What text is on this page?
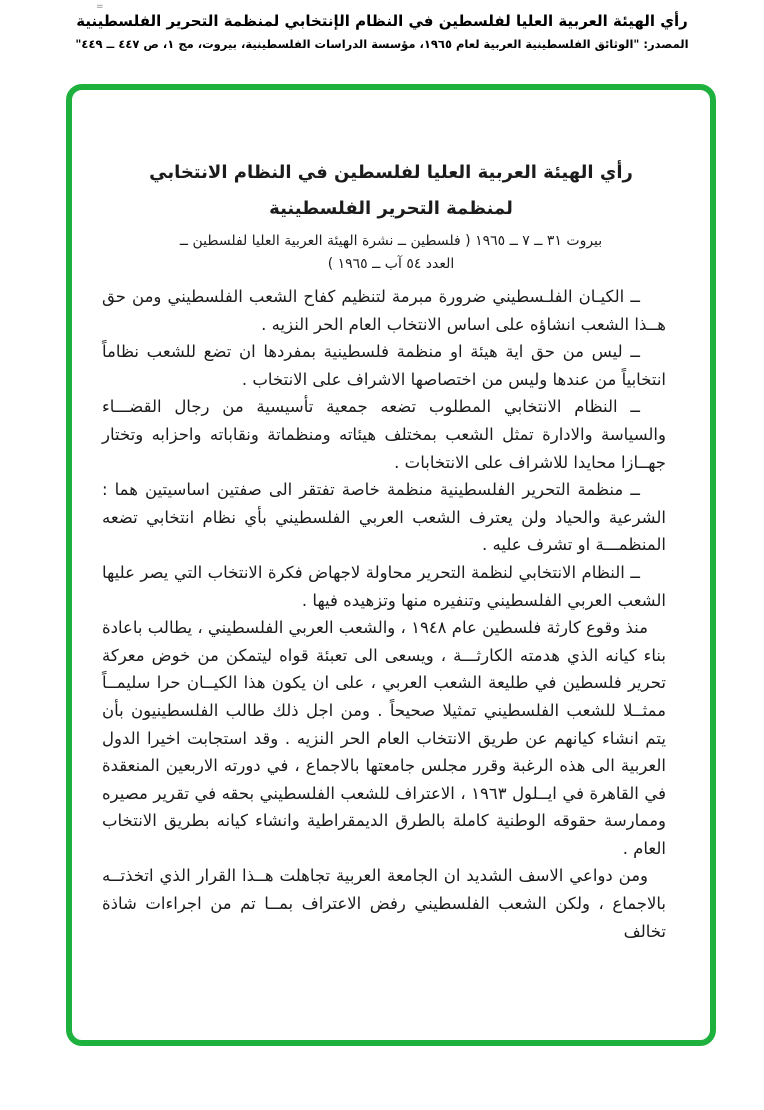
رأي الهيئة العربية العليا لفلسطين في النظام الإنتخابي لمنظمة التحرير الفلسطينية
المصدر: "الوثائق الفلسطينية العربية لعام ١٩٦٥، مؤسسة الدراسات الفلسطينية، بيروت، مج ١، ص ٤٤٧ ــ ٤٤٩"
=
رأي الهيئة العربية العليا لفلسطين في النظام الانتخابي
لمنظمة التحرير الفلسطينية
بيروت ٣١ ــ ٧ ــ ١٩٦٥ ( فلسطين ــ نشرة الهيئة العربية العليا لفلسطين ــ
العدد ٥٤ آب ــ ١٩٦٥ )

ــ الكيـان الفلـسطيني ضرورة مبرمة لتنظيم كفاح الشعب الفلسطيني ومن حق هــذا الشعب انشاؤه على اساس الانتخاب العام الحر النزيه .

ــ ليس من حق اية هيئة او منظمة فلسطينية بمفردها ان تضع للشعب نظاماً انتخابياً من عندها وليس من اختصاصها الاشراف على الانتخاب .

ــ النظام الانتخابي المطلوب تضعه جمعية تأسيسية من رجال القضـــاء والسياسة والادارة تمثل الشعب بمختلف هيئاته ومنظماتة ونقاباته واحزابه وتختار جهــازا محايدا للاشراف على الانتخابات .

ــ منظمة التحرير الفلسطينية منظمة خاصة تفتقر الى صفتين اساسيتين هما : الشرعية والحياد ولن يعترف الشعب العربي الفلسطيني بأي نظام انتخابي تضعه المنظمـــة او تشرف عليه .

ــ النظام الانتخابي لنظمة التحرير محاولة لاجهاض فكرة الانتخاب التي يصر عليها الشعب العربي الفلسطيني وتنفيره منها وتزهيده فيها .

منذ وقوع كارثة فلسطين عام ١٩٤٨ ، والشعب العربي الفلسطيني ، يطالب باعادة بناء كيانه الذي هدمته الكارثـــة ، ويسعى الى تعبئة قواه ليتمكن من خوض معركة تحرير فلسطين في طليعة الشعب العربي ، على ان يكون هذا الكيــان حرا سليمــاً ممثــلا للشعب الفلسطيني تمثيلا صحيحاً . ومن اجل ذلك طالب الفلسطينيون بأن يتم انشاء كيانهم عن طريق الانتخاب العام الحر النزيه . وقد استجابت اخيرا الدول العربية الى هذه الرغبة وقرر مجلس جامعتها بالاجماع ، في دورته الاربعين المنعقدة في القاهرة في ايــلول ١٩٦٣ ، الاعتراف للشعب الفلسطيني بحقه في تقرير مصيره وممارسة حقوقه الوطنية كاملة بالطرق الديمقراطية وانشاء كيانه بطريق الانتخاب العام .

ومن دواعي الاسف الشديد ان الجامعة العربية تجاهلت هــذا القرار الذي اتخذتــه بالاجماع ، ولكن الشعب الفلسطيني رفض الاعتراف بمــا تم من اجراءات شاذة تخالف
